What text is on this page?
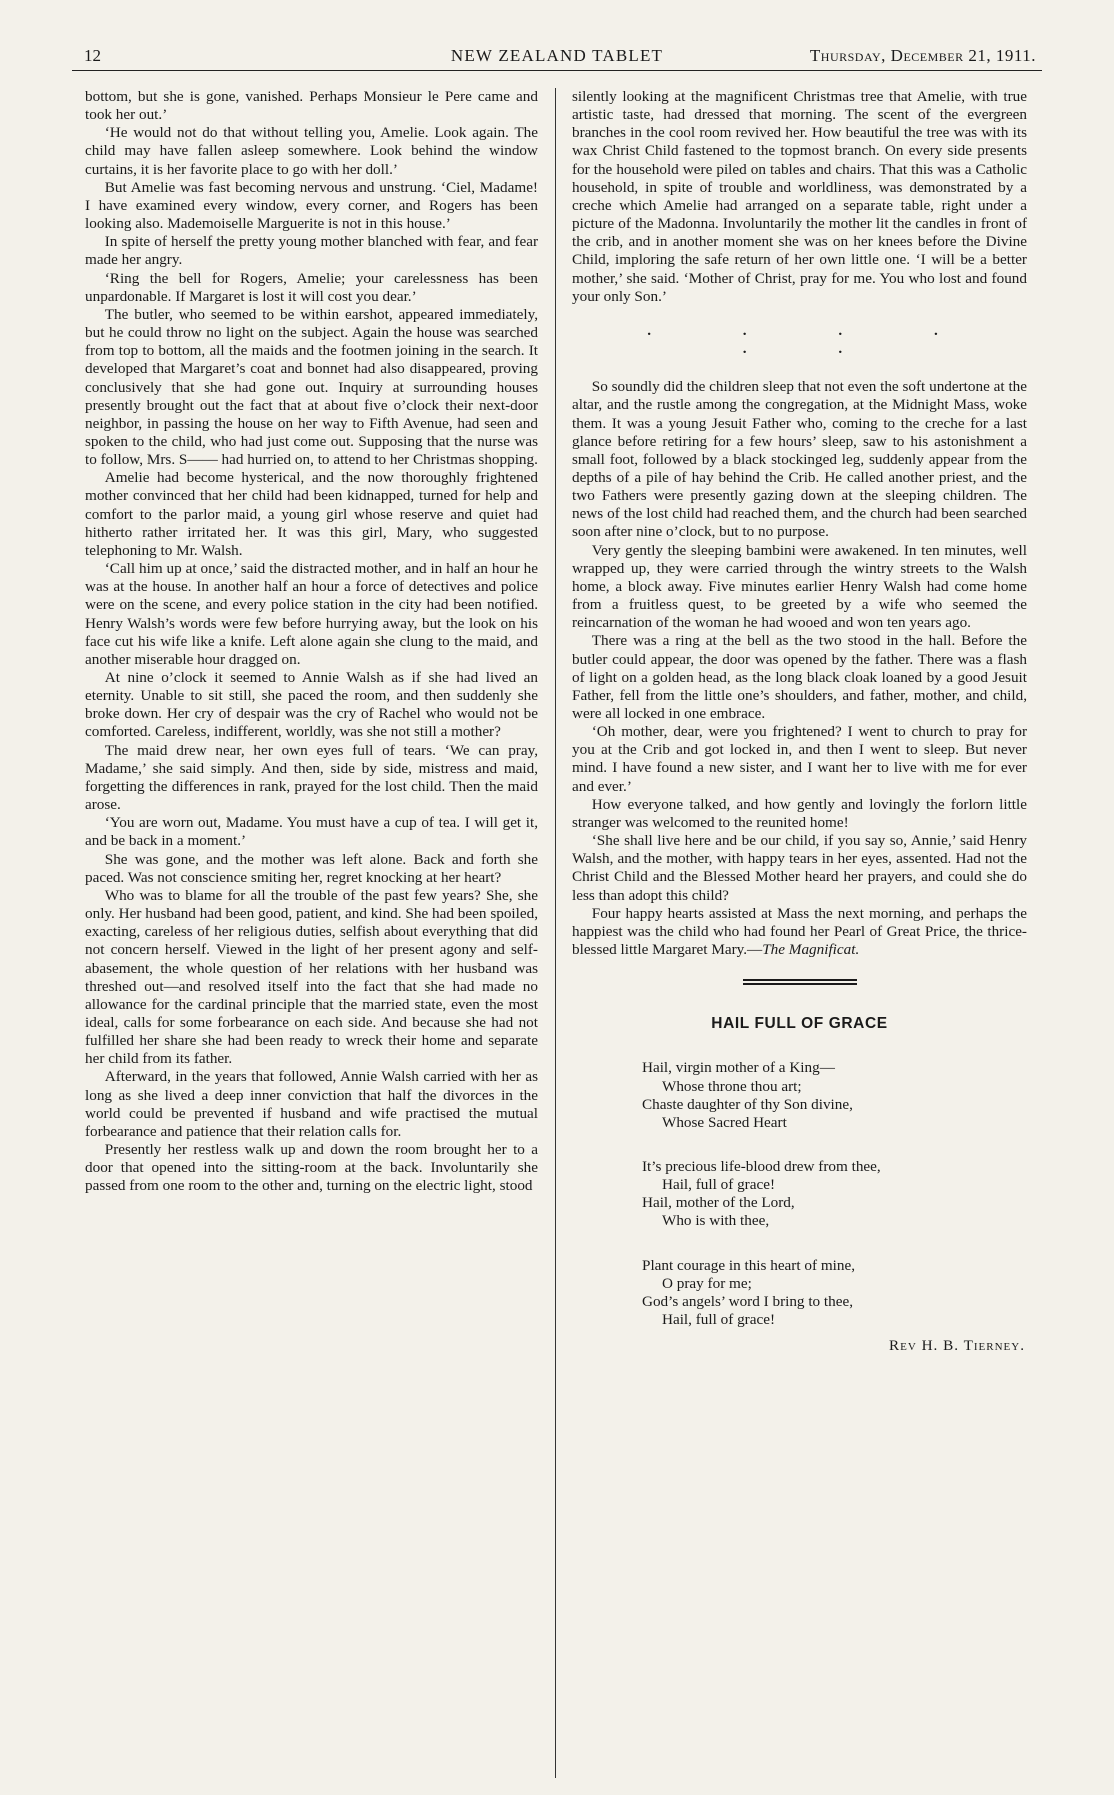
12	NEW ZEALAND TABLET	Thursday, December 21, 1911.

bottom, but she is gone, vanished. Perhaps Monsieur le Pere came and took her out.’

‘He would not do that without telling you, Amelie. Look again. The child may have fallen asleep somewhere. Look behind the window curtains, it is her favorite place to go with her doll.’

But Amelie was fast becoming nervous and unstrung. ‘Ciel, Madame! I have examined every window, every corner, and Rogers has been looking also. Mademoiselle Marguerite is not in this house.’

In spite of herself the pretty young mother blanched with fear, and fear made her angry.

‘Ring the bell for Rogers, Amelie; your carelessness has been unpardonable. If Margaret is lost it will cost you dear.’

The butler, who seemed to be within earshot, appeared immediately, but he could throw no light on the subject. Again the house was searched from top to bottom, all the maids and the footmen joining in the search. It developed that Margaret’s coat and bonnet had also disappeared, proving conclusively that she had gone out. Inquiry at surrounding houses presently brought out the fact that at about five o’clock their next-door neighbor, in passing the house on her way to Fifth Avenue, had seen and spoken to the child, who had just come out. Supposing that the nurse was to follow, Mrs. S—— had hurried on, to attend to her Christmas shopping.

Amelie had become hysterical, and the now thoroughly frightened mother convinced that her child had been kidnapped, turned for help and comfort to the parlor maid, a young girl whose reserve and quiet had hitherto rather irritated her. It was this girl, Mary, who suggested telephoning to Mr. Walsh.

‘Call him up at once,’ said the distracted mother, and in half an hour he was at the house. In another half an hour a force of detectives and police were on the scene, and every police station in the city had been notified. Henry Walsh’s words were few before hurrying away, but the look on his face cut his wife like a knife. Left alone again she clung to the maid, and another miserable hour dragged on.

At nine o’clock it seemed to Annie Walsh as if she had lived an eternity. Unable to sit still, she paced the room, and then suddenly she broke down. Her cry of despair was the cry of Rachel who would not be comforted. Careless, indifferent, worldly, was she not still a mother?

The maid drew near, her own eyes full of tears. ‘We can pray, Madame,’ she said simply. And then, side by side, mistress and maid, forgetting the differences in rank, prayed for the lost child. Then the maid arose.

‘You are worn out, Madame. You must have a cup of tea. I will get it, and be back in a moment.’

She was gone, and the mother was left alone. Back and forth she paced. Was not conscience smiting her, regret knocking at her heart?

Who was to blame for all the trouble of the past few years? She, she only. Her husband had been good, patient, and kind. She had been spoiled, exacting, careless of her religious duties, selfish about everything that did not concern herself. Viewed in the light of her present agony and self-abasement, the whole question of her relations with her husband was threshed out—and resolved itself into the fact that she had made no allowance for the cardinal principle that the married state, even the most ideal, calls for some forbearance on each side. And because she had not fulfilled her share she had been ready to wreck their home and separate her child from its father.

Afterward, in the years that followed, Annie Walsh carried with her as long as she lived a deep inner conviction that half the divorces in the world could be prevented if husband and wife practised the mutual forbearance and patience that their relation calls for.

Presently her restless walk up and down the room brought her to a door that opened into the sitting-room at the back. Involuntarily she passed from one room to the other and, turning on the electric light, stood

silently looking at the magnificent Christmas tree that Amelie, with true artistic taste, had dressed that morning. The scent of the evergreen branches in the cool room revived her. How beautiful the tree was with its wax Christ Child fastened to the topmost branch. On every side presents for the household were piled on tables and chairs. That this was a Catholic household, in spite of trouble and worldliness, was demonstrated by a creche which Amelie had arranged on a separate table, right under a picture of the Madonna. Involuntarily the mother lit the candles in front of the crib, and in another moment she was on her knees before the Divine Child, imploring the safe return of her own little one. ‘I will be a better mother,’ she said. ‘Mother of Christ, pray for me. You who lost and found your only Son.’

. . . . . .

So soundly did the children sleep that not even the soft undertone at the altar, and the rustle among the congregation, at the Midnight Mass, woke them. It was a young Jesuit Father who, coming to the creche for a last glance before retiring for a few hours’ sleep, saw to his astonishment a small foot, followed by a black stockinged leg, suddenly appear from the depths of a pile of hay behind the Crib. He called another priest, and the two Fathers were presently gazing down at the sleeping children. The news of the lost child had reached them, and the church had been searched soon after nine o’clock, but to no purpose.

Very gently the sleeping bambini were awakened. In ten minutes, well wrapped up, they were carried through the wintry streets to the Walsh home, a block away. Five minutes earlier Henry Walsh had come home from a fruitless quest, to be greeted by a wife who seemed the reincarnation of the woman he had wooed and won ten years ago.

There was a ring at the bell as the two stood in the hall. Before the butler could appear, the door was opened by the father. There was a flash of light on a golden head, as the long black cloak loaned by a good Jesuit Father, fell from the little one’s shoulders, and father, mother, and child, were all locked in one embrace.

‘Oh mother, dear, were you frightened? I went to church to pray for you at the Crib and got locked in, and then I went to sleep. But never mind. I have found a new sister, and I want her to live with me for ever and ever.’

How everyone talked, and how gently and lovingly the forlorn little stranger was welcomed to the reunited home!

‘She shall live here and be our child, if you say so, Annie,’ said Henry Walsh, and the mother, with happy tears in her eyes, assented. Had not the Christ Child and the Blessed Mother heard her prayers, and could she do less than adopt this child?

Four happy hearts assisted at Mass the next morning, and perhaps the happiest was the child who had found her Pearl of Great Price, the thrice-blessed little Margaret Mary.—The Magnificat.

HAIL FULL OF GRACE
Hail, virgin mother of a King—
Whose throne thou art;
Chaste daughter of thy Son divine,
Whose Sacred Heart
It’s precious life-blood drew from thee,
Hail, full of grace!
Hail, mother of the Lord,
Who is with thee,
Plant courage in this heart of mine,
O pray for me;
God’s angels’ word I bring to thee,
Hail, full of grace!
Rev H. B. Tierney.
